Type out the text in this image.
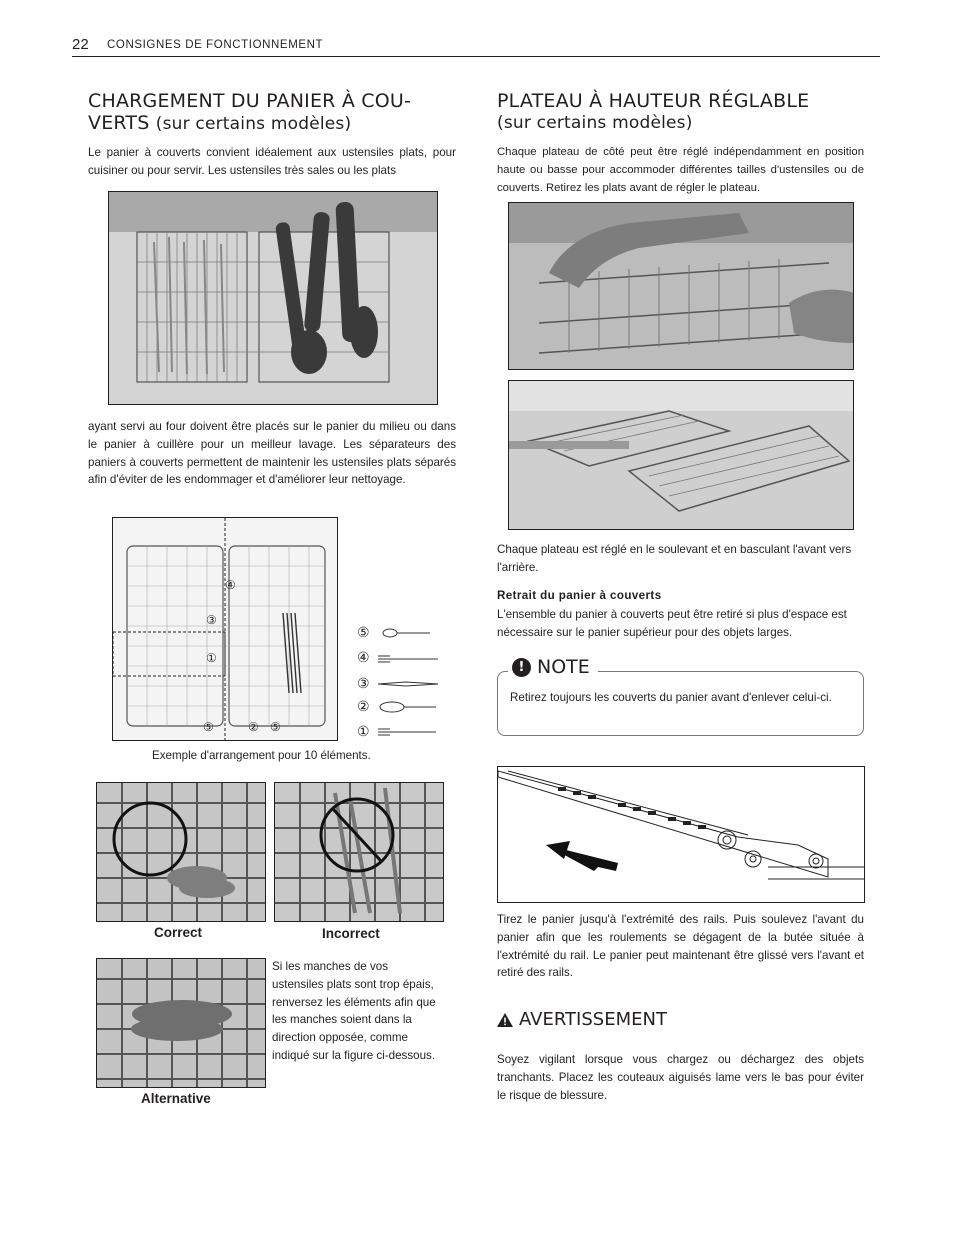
22 CONSIGNES DE FONCTIONNEMENT
CHARGEMENT DU PANIER À COU-
VERTS (sur certains modèles)
Le panier à couverts convient idéalement aux ustensiles plats, pour cuisiner ou pour servir. Les ustensiles très sales ou les plats
ayant servi au four doivent être placés sur le panier du milieu ou dans le panier à cuillère pour un meilleur lavage. Les séparateurs des paniers à couverts permettent de maintenir les ustensiles plats séparés afin d'éviter de les endommager et d'améliorer leur nettoyage.
④
③
①
⑤	② ⑤
⑤
④
③
②
①
Exemple d'arrangement pour 10 éléments.
Correct	Incorrect
Si les manches de vos ustensiles plats sont trop épais, renversez les éléments afin que les manches soient dans la direction opposée, comme indiqué sur la figure ci-dessous.
Alternative
PLATEAU À HAUTEUR RÉGLABLE
(sur certains modèles)
Chaque plateau de côté peut être réglé indépendamment en position haute ou basse pour accommoder différentes tailles d'ustensiles ou de couverts. Retirez les plats avant de régler le plateau.
Chaque plateau est réglé en le soulevant et en basculant l'avant vers l'arrière.
Retrait du panier à couverts
L'ensemble du panier à couverts peut être retiré si plus d'espace est nécessaire sur le panier supérieur pour des objets larges.
! NOTE
Retirez toujours les couverts du panier avant d'enlever celui-ci.
Tirez le panier jusqu'à l'extrémité des rails. Puis soulevez l'avant du panier afin que les roulements se dégagent de la butée située à l'extrémité du rail. Le panier peut maintenant être glissé vers l'avant et retiré des rails.
AVERTISSEMENT
Soyez vigilant lorsque vous chargez ou déchargez des objets tranchants. Placez les couteaux aiguisés lame vers le bas pour éviter le risque de blessure.
